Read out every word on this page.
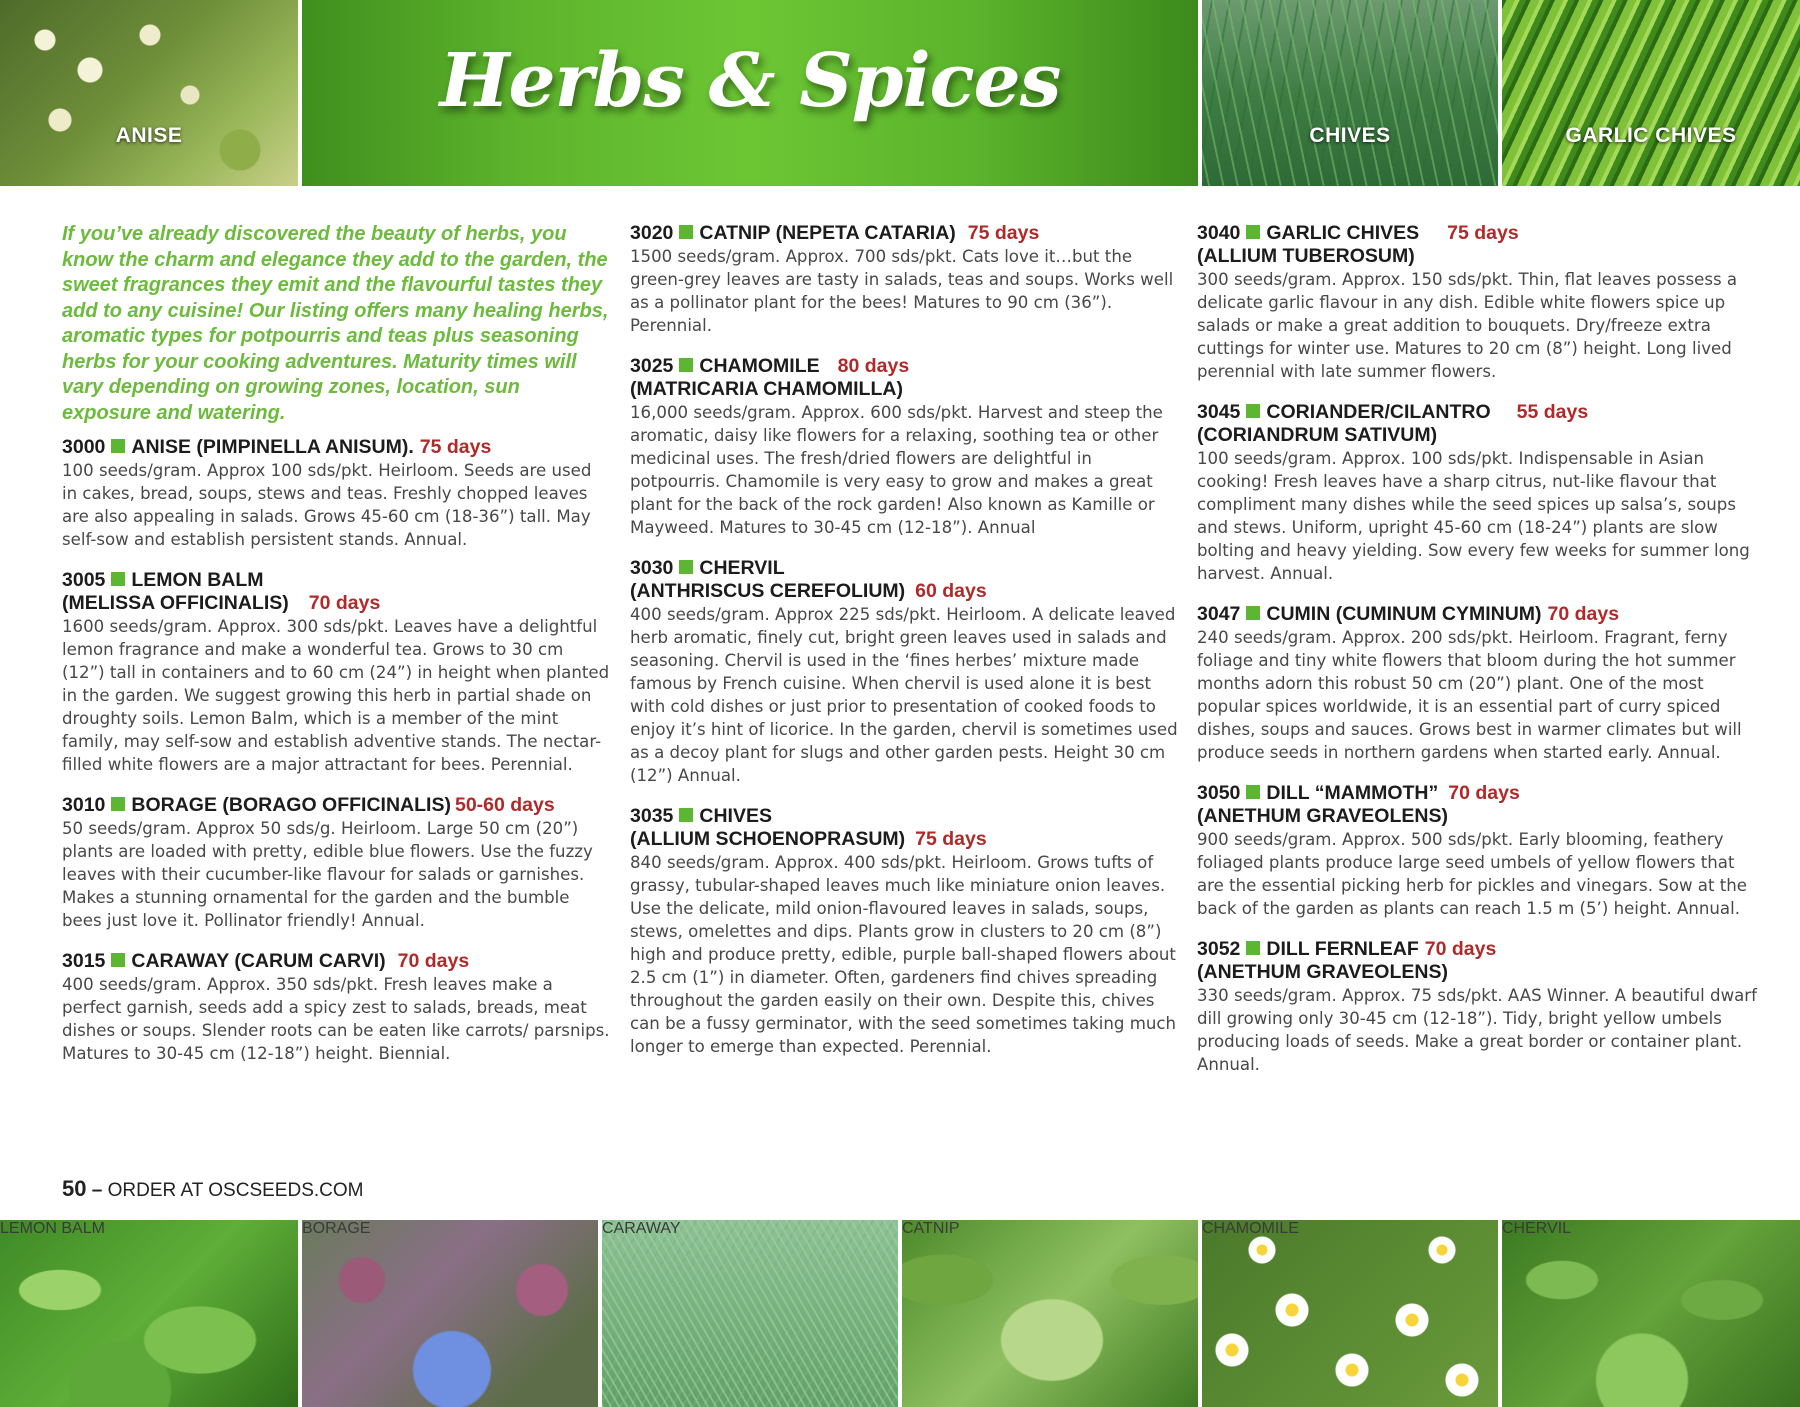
ANISE
Herbs & Spices
CHIVES	GARLIC CHIVES

If you’ve already discovered the beauty of herbs, you know the charm and elegance they add to the garden, the sweet fragrances they emit and the flavourful tastes they add to any cuisine! Our listing offers many healing herbs, aromatic types for potpourris and teas plus seasoning herbs for your cooking adventures. Maturity times will vary depending on growing zones, location, sun exposure and watering.

3000 ANISE (PIMPINELLA ANISUM). 75 days
100 seeds/gram. Approx 100 sds/pkt. Heirloom. Seeds are used in cakes, bread, soups, stews and teas. Freshly chopped leaves are also appealing in salads. Grows 45-60 cm (18-36”) tall. May self-sow and establish persistent stands. Annual.
3005 LEMON BALM
(MELISSA OFFICINALIS) 70 days
1600 seeds/gram. Approx. 300 sds/pkt. Leaves have a delightful lemon fragrance and make a wonderful tea. Grows to 30 cm (12”) tall in containers and to 60 cm (24”) in height when planted in the garden. We suggest growing this herb in partial shade on droughty soils. Lemon Balm, which is a member of the mint family, may self-sow and establish adventive stands. The nectar-filled white flowers are a major attractant for bees. Perennial.
3010 BORAGE (BORAGO OFFICINALIS) 50-60 days
50 seeds/gram. Approx 50 sds/g. Heirloom. Large 50 cm (20”) plants are loaded with pretty, edible blue flowers. Use the fuzzy leaves with their cucumber-like flavour for salads or garnishes. Makes a stunning ornamental for the garden and the bumble bees just love it. Pollinator friendly! Annual.
3015 CARAWAY (CARUM CARVI) 70 days
400 seeds/gram. Approx. 350 sds/pkt. Fresh leaves make a perfect garnish, seeds add a spicy zest to salads, breads, meat dishes or soups. Slender roots can be eaten like carrots/ parsnips. Matures to 30-45 cm (12-18”) height. Biennial.
3020 CATNIP (NEPETA CATARIA) 75 days
1500 seeds/gram. Approx. 700 sds/pkt. Cats love it…but the green-grey leaves are tasty in salads, teas and soups. Works well as a pollinator plant for the bees! Matures to 90 cm (36”). Perennial.
3025 CHAMOMILE 80 days
(MATRICARIA CHAMOMILLA)
16,000 seeds/gram. Approx. 600 sds/pkt. Harvest and steep the aromatic, daisy like flowers for a relaxing, soothing tea or other medicinal uses. The fresh/dried flowers are delightful in potpourris. Chamomile is very easy to grow and makes a great plant for the back of the rock garden! Also known as Kamille or Mayweed. Matures to 30-45 cm (12-18”). Annual
3030 CHERVIL
(ANTHRISCUS CEREFOLIUM) 60 days
400 seeds/gram. Approx 225 sds/pkt. Heirloom. A delicate leaved herb aromatic, finely cut, bright green leaves used in salads and seasoning. Chervil is used in the ‘fines herbes’ mixture made famous by French cuisine. When chervil is used alone it is best with cold dishes or just prior to presentation of cooked foods to enjoy it’s hint of licorice. In the garden, chervil is sometimes used as a decoy plant for slugs and other garden pests. Height 30 cm (12”) Annual.
3035 CHIVES
(ALLIUM SCHOENOPRASUM) 75 days
840 seeds/gram. Approx. 400 sds/pkt. Heirloom. Grows tufts of grassy, tubular-shaped leaves much like miniature onion leaves. Use the delicate, mild onion-flavoured leaves in salads, soups, stews, omelettes and dips. Plants grow in clusters to 20 cm (8”) high and produce pretty, edible, purple ball-shaped flowers about 2.5 cm (1”) in diameter. Often, gardeners find chives spreading throughout the garden easily on their own. Despite this, chives can be a fussy germinator, with the seed sometimes taking much longer to emerge than expected. Perennial.
3040 GARLIC CHIVES 75 days
(ALLIUM TUBEROSUM)
300 seeds/gram. Approx. 150 sds/pkt. Thin, flat leaves possess a delicate garlic flavour in any dish. Edible white flowers spice up salads or make a great addition to bouquets. Dry/freeze extra cuttings for winter use. Matures to 20 cm (8”) height. Long lived perennial with late summer flowers.
3045 CORIANDER/CILANTRO 55 days
(CORIANDRUM SATIVUM)
100 seeds/gram. Approx. 100 sds/pkt. Indispensable in Asian cooking! Fresh leaves have a sharp citrus, nut-like flavour that compliment many dishes while the seed spices up salsa’s, soups and stews. Uniform, upright 45-60 cm (18-24”) plants are slow bolting and heavy yielding. Sow every few weeks for summer long harvest. Annual.
3047 CUMIN (CUMINUM CYMINUM) 70 days
240 seeds/gram. Approx. 200 sds/pkt. Heirloom. Fragrant, ferny foliage and tiny white flowers that bloom during the hot summer months adorn this robust 50 cm (20”) plant. One of the most popular spices worldwide, it is an essential part of curry spiced dishes, soups and sauces. Grows best in warmer climates but will produce seeds in northern gardens when started early. Annual.
3050 DILL “MAMMOTH” 70 days
(ANETHUM GRAVEOLENS)
900 seeds/gram. Approx. 500 sds/pkt. Early blooming, feathery foliaged plants produce large seed umbels of yellow flowers that are the essential picking herb for pickles and vinegars. Sow at the back of the garden as plants can reach 1.5 m (5’) height. Annual.
3052 DILL FERNLEAF 70 days
(ANETHUM GRAVEOLENS)
330 seeds/gram. Approx. 75 sds/pkt. AAS Winner. A beautiful dwarf dill growing only 30-45 cm (12-18”). Tidy, bright yellow umbels producing loads of seeds. Make a great border or container plant. Annual.
50 – ORDER AT OSCSEEDS.COM
LEMON BALM	BORAGE	CARAWAY	CATNIP	CHAMOMILE	CHERVIL
